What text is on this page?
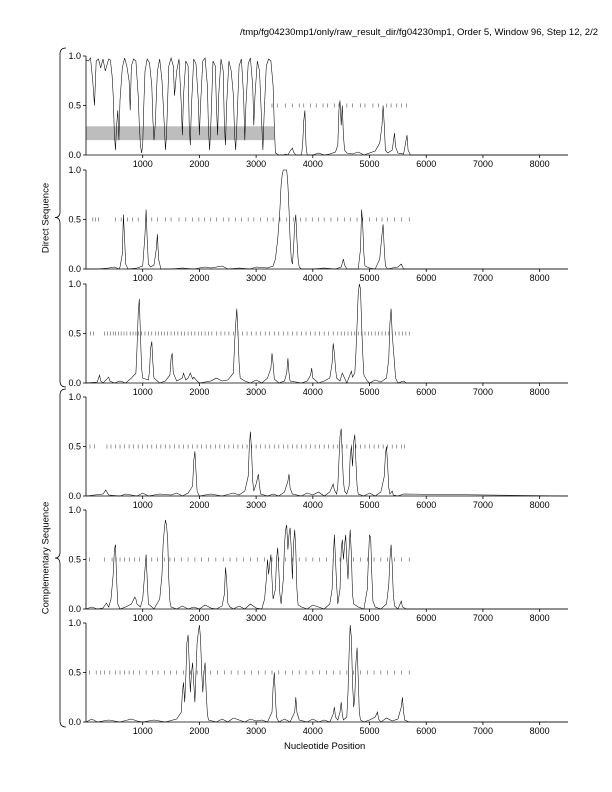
/tmp/fg04230mp1/only/raw_result_dir/fg04230mp1, Order 5, Window 96, Step 12, 2/2
0.0
0.5
1.0
1000	2000	3000	4000	5000	6000	7000	8000
0.0
0.5
1.0
1000	2000	3000	4000	5000	6000	7000	8000
0.0
0.5
1.0
1000	2000	3000	4000	5000	6000	7000	8000
0.0
0.5
1.0
1000	2000	3000	4000	5000	6000	7000	8000
0.0
0.5
1.0
1000	2000	3000	4000	5000	6000	7000	8000
0.0
0.5
1.0
1000	2000	3000	4000	5000	6000	7000	8000
Direct Sequence
Complementary Sequence
Nucleotide Position
